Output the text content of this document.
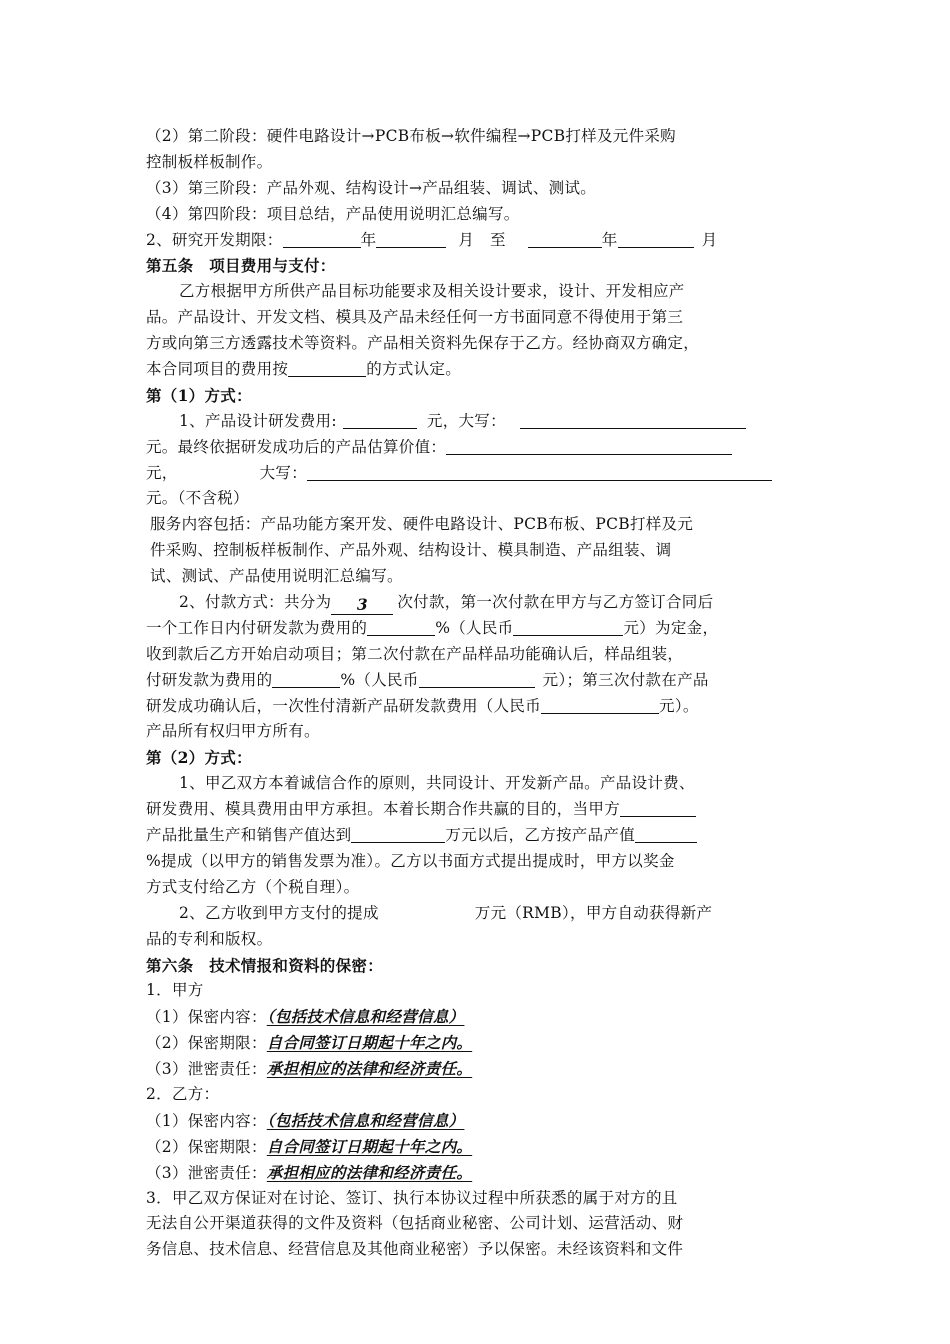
（2）第二阶段：硬件电路设计→PCB布板→软件编程→PCB打样及元件采购
控制板样板制作。
（3）第三阶段：产品外观、结构设计→产品组装、调试、测试。
（4）第四阶段：项目总结，产品使用说明汇总编写。
2、研究开发期限：	年	月　至	年	月
第五条　项目费用与支付：
乙方根据甲方所供产品目标功能要求及相关设计要求，设计、开发相应产
品。产品设计、开发文档、模具及产品未经任何一方书面同意不得使用于第三
方或向第三方透露技术等资料。产品相关资料先保存于乙方。经协商双方确定，
本合同项目的费用按	的方式认定。
第（1）方式：
1、产品设计研发费用:	元，大写：
元。最终依据研发成功后的产品估算价值：
元，	大写：
元。（不含税）
服务内容包括：产品功能方案开发、硬件电路设计、PCB布板、PCB打样及元
件采购、控制板样板制作、产品外观、结构设计、模具制造、产品组装、调
试、测试、产品使用说明汇总编写。
2、付款方式：共分为 3 次付款，第一次付款在甲方与乙方签订合同后
一个工作日内付研发款为费用的	%（人民币	元）为定金，
收到款后乙方开始启动项目；第二次付款在产品样品功能确认后，样品组装，
付研发款为费用的	%（人民币	元）；第三次付款在产品
研发成功确认后，一次性付清新产品研发款费用（人民币	元）。
产品所有权归甲方所有。
第（2）方式：
1、甲乙双方本着诚信合作的原则，共同设计、开发新产品。产品设计费、
研发费用、模具费用由甲方承担。本着长期合作共赢的目的，当甲方
产品批量生产和销售产值达到	万元以后，乙方按产品产值
%提成（以甲方的销售发票为准）。乙方以书面方式提出提成时，甲方以奖金
方式支付给乙方（个税自理）。
2、乙方收到甲方支付的提成	万元（RMB），甲方自动获得新产
品的专利和版权。
第六条　技术情报和资料的保密：
1．甲方
（1）保密内容：（包括技术信息和经营信息）
（2）保密期限：自合同签订日期起十年之内。
（3）泄密责任：承担相应的法律和经济责任。
2．乙方：
（1）保密内容：（包括技术信息和经营信息）
（2）保密期限：自合同签订日期起十年之内。
（3）泄密责任：承担相应的法律和经济责任。
3．甲乙双方保证对在讨论、签订、执行本协议过程中所获悉的属于对方的且
无法自公开渠道获得的文件及资料（包括商业秘密、公司计划、运营活动、财
务信息、技术信息、经营信息及其他商业秘密）予以保密。未经该资料和文件
